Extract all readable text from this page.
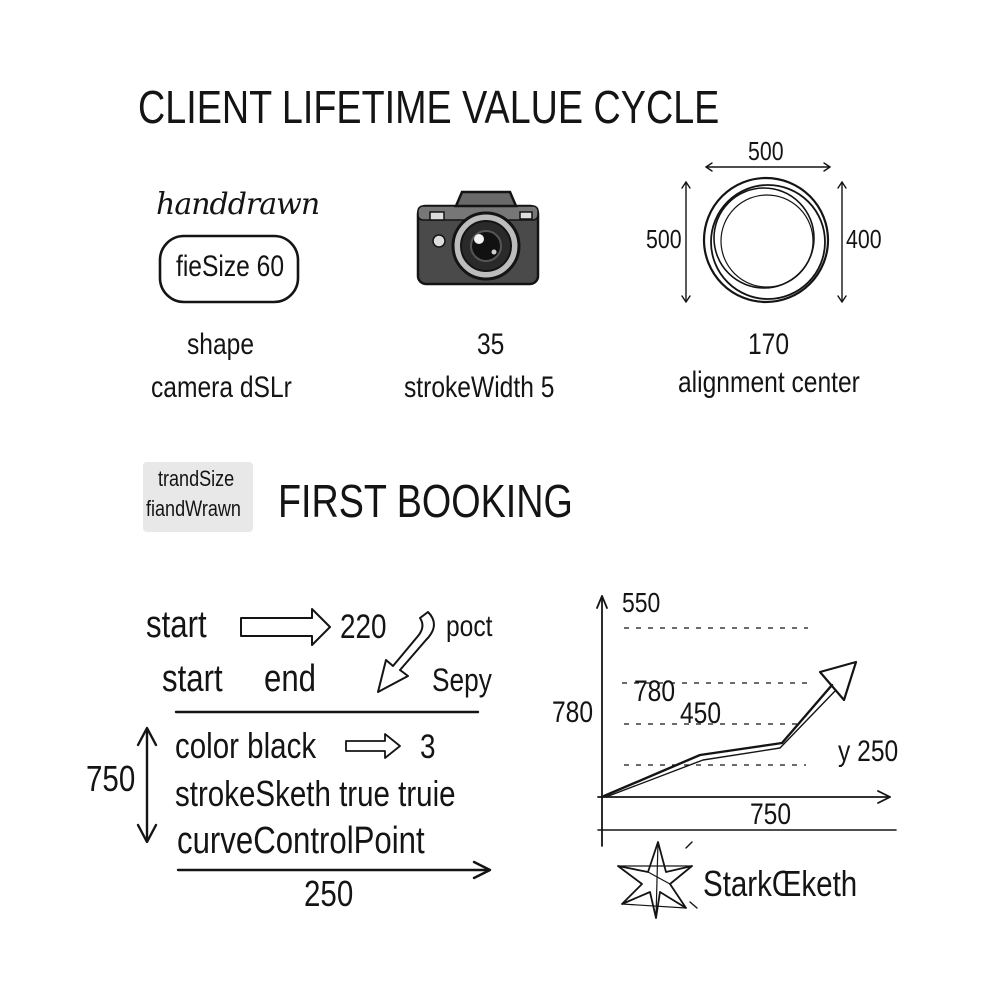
CLIENT LIFETIME VALUE CYCLE
handdrawn
fieSize 60
shape
camera dSLr
35
strokeWidth 5
500
500	400
170
alignment center
trandSize
fiandWrawn FIRST BOOKING
start	220 poct
start end	Sepy
750
color black	3
strokeSketh true truie
curveControlPoint
250
550
780
780
450
y 250
750
StarkŒketh
